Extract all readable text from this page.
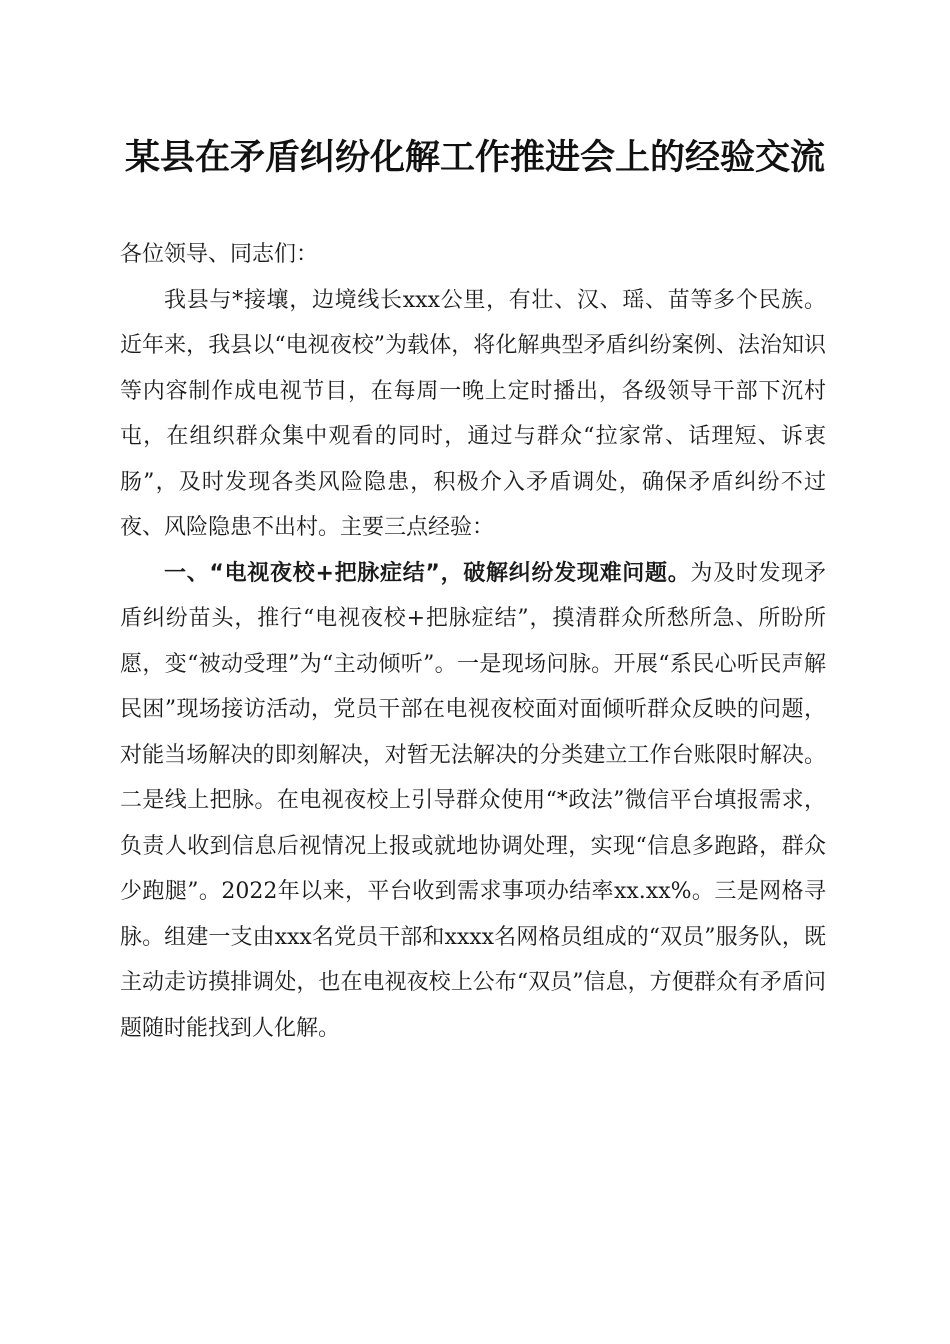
某县在矛盾纠纷化解工作推进会上的经验交流

各位领导、同志们：

我县与*接壤，边境线长xxx公里，有壮、汉、瑶、苗等多个民族。近年来，我县以“电视夜校”为载体，将化解典型矛盾纠纷案例、法治知识等内容制作成电视节目，在每周一晚上定时播出，各级领导干部下沉村屯，在组织群众集中观看的同时，通过与群众“拉家常、话理短、诉衷肠”，及时发现各类风险隐患，积极介入矛盾调处，确保矛盾纠纷不过夜、风险隐患不出村。主要三点经验：

一、“电视夜校+把脉症结”，破解纠纷发现难问题。为及时发现矛盾纠纷苗头，推行“电视夜校+把脉症结”，摸清群众所愁所急、所盼所愿，变“被动受理”为“主动倾听”。一是现场问脉。开展“系民心听民声解民困”现场接访活动，党员干部在电视夜校面对面倾听群众反映的问题，对能当场解决的即刻解决，对暂无法解决的分类建立工作台账限时解决。二是线上把脉。在电视夜校上引导群众使用“*政法”微信平台填报需求，负责人收到信息后视情况上报或就地协调处理，实现“信息多跑路，群众少跑腿”。2022年以来，平台收到需求事项办结率xx.xx%。三是网格寻脉。组建一支由xxx名党员干部和xxxx名网格员组成的“双员”服务队，既主动走访摸排调处，也在电视夜校上公布“双员”信息，方便群众有矛盾问题随时能找到人化解。
